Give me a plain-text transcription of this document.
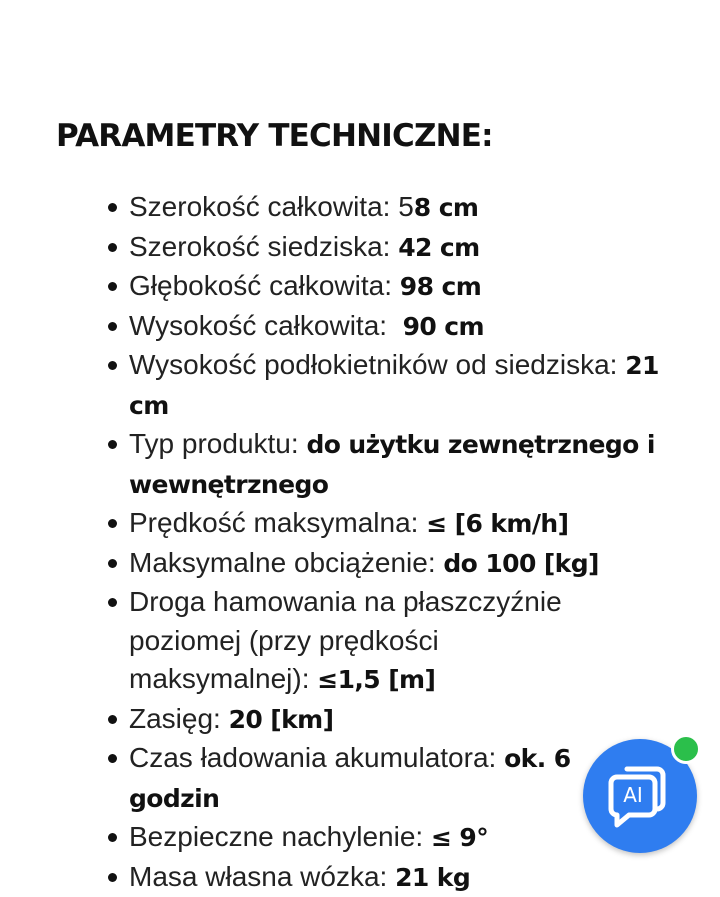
PARAMETRY TECHNICZNE:
Szerokość całkowita: 58 cm
Szerokość siedziska: 42 cm
Głębokość całkowita: 98 cm
Wysokość całkowita:  90 cm
Wysokość podłokietników od siedziska: 21 cm
Typ produktu: do użytku zewnętrznego i wewnętrznego
Prędkość maksymalna: ≤ [6 km/h]
Maksymalne obciążenie: do 100 [kg]
Droga hamowania na płaszczyźnie poziomej (przy prędkości maksymalnej): ≤1,5 [m]
Zasięg: 20 [km]
Czas ładowania akumulatora: ok. 6 godzin
Bezpieczne nachylenie: ≤ 9°
Masa własna wózka: 21 kg
AI
